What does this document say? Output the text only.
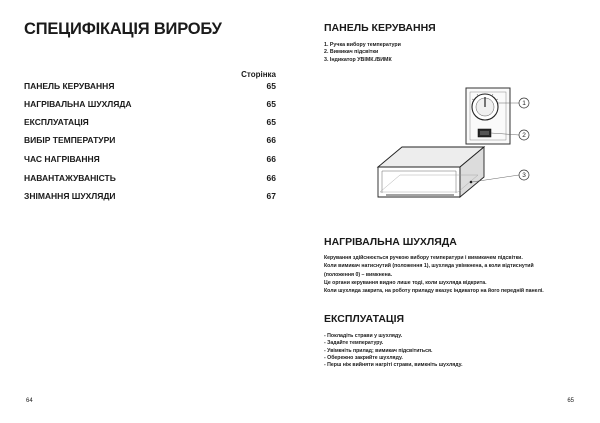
СПЕЦИФІКАЦІЯ ВИРОБУ
Сторінка
ПАНЕЛЬ КЕРУВАННЯ	65
НАГРІВАЛЬНА ШУХЛЯДА	65
ЕКСПЛУАТАЦІЯ	65
ВИБІР ТЕМПЕРАТУРИ	66
ЧАС НАГРІВАННЯ	66
НАВАНТАЖУВАНІСТЬ	66
ЗНІМАННЯ ШУХЛЯДИ	67
64
ПАНЕЛЬ КЕРУВАННЯ
1. Ручка вибору температури
2. Вимикач підсвітки
3. Індикатор УВІМК./ВИМК
НАГРІВАЛЬНА ШУХЛЯДА
Керування здійснюється ручкою вибору температури і вимикачем підсвітки.
Коли вимикач натиснутий (положення 1), шухляда увімкнена, а коли відтиснутий
(положення 0) – вимкнена.
Це органи керування видно лише тоді, коли шухляда відкрита.
Коли шухляда закрита, на роботу приладу вказує індикатор на його передній панелі.
ЕКСПЛУАТАЦІЯ
- Покладіть страви у шухляду.
- Задайте температуру.
- Увімкніть прилад; вимикач підсвітиться.
- Обережно закрийте шухляду.
- Перш ніж вийняти нагріті страви, вимкніть шухляду.
65
1
2
3
